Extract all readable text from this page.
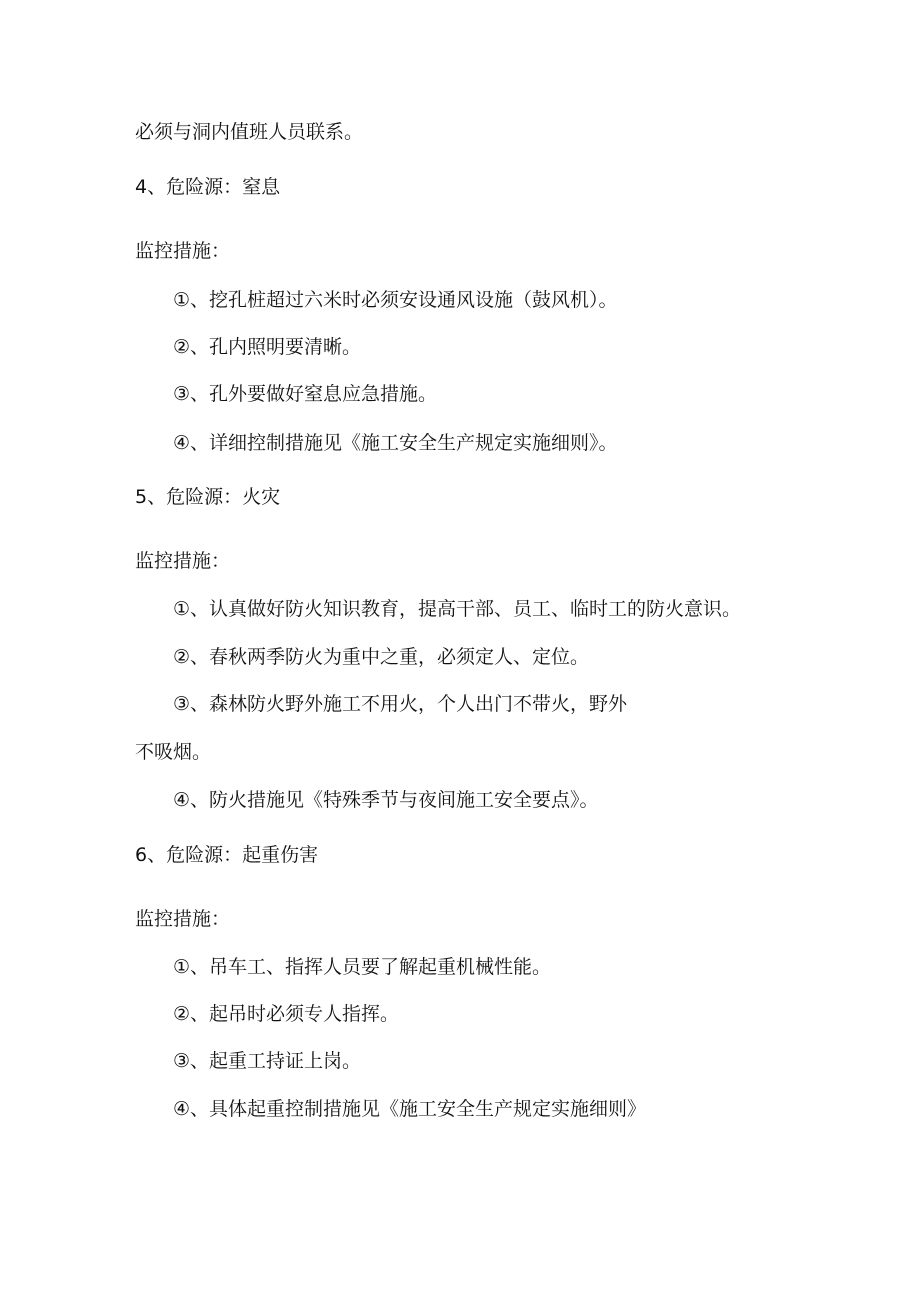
必须与洞内值班人员联系。

4、危险源：窒息

监控措施：

①、挖孔桩超过六米时必须安设通风设施（鼓风机）。

②、孔内照明要清晰。

③、孔外要做好窒息应急措施。

④、详细控制措施见《施工安全生产规定实施细则》。

5、危险源：火灾

监控措施：

①、认真做好防火知识教育，提高干部、员工、临时工的防火意识。

②、春秋两季防火为重中之重，必须定人、定位。

③、森林防火野外施工不用火，个人出门不带火，野外

不吸烟。

④、防火措施见《特殊季节与夜间施工安全要点》。

6、危险源：起重伤害

监控措施：

①、吊车工、指挥人员要了解起重机械性能。

②、起吊时必须专人指挥。

③、起重工持证上岗。

④、具体起重控制措施见《施工安全生产规定实施细则》
